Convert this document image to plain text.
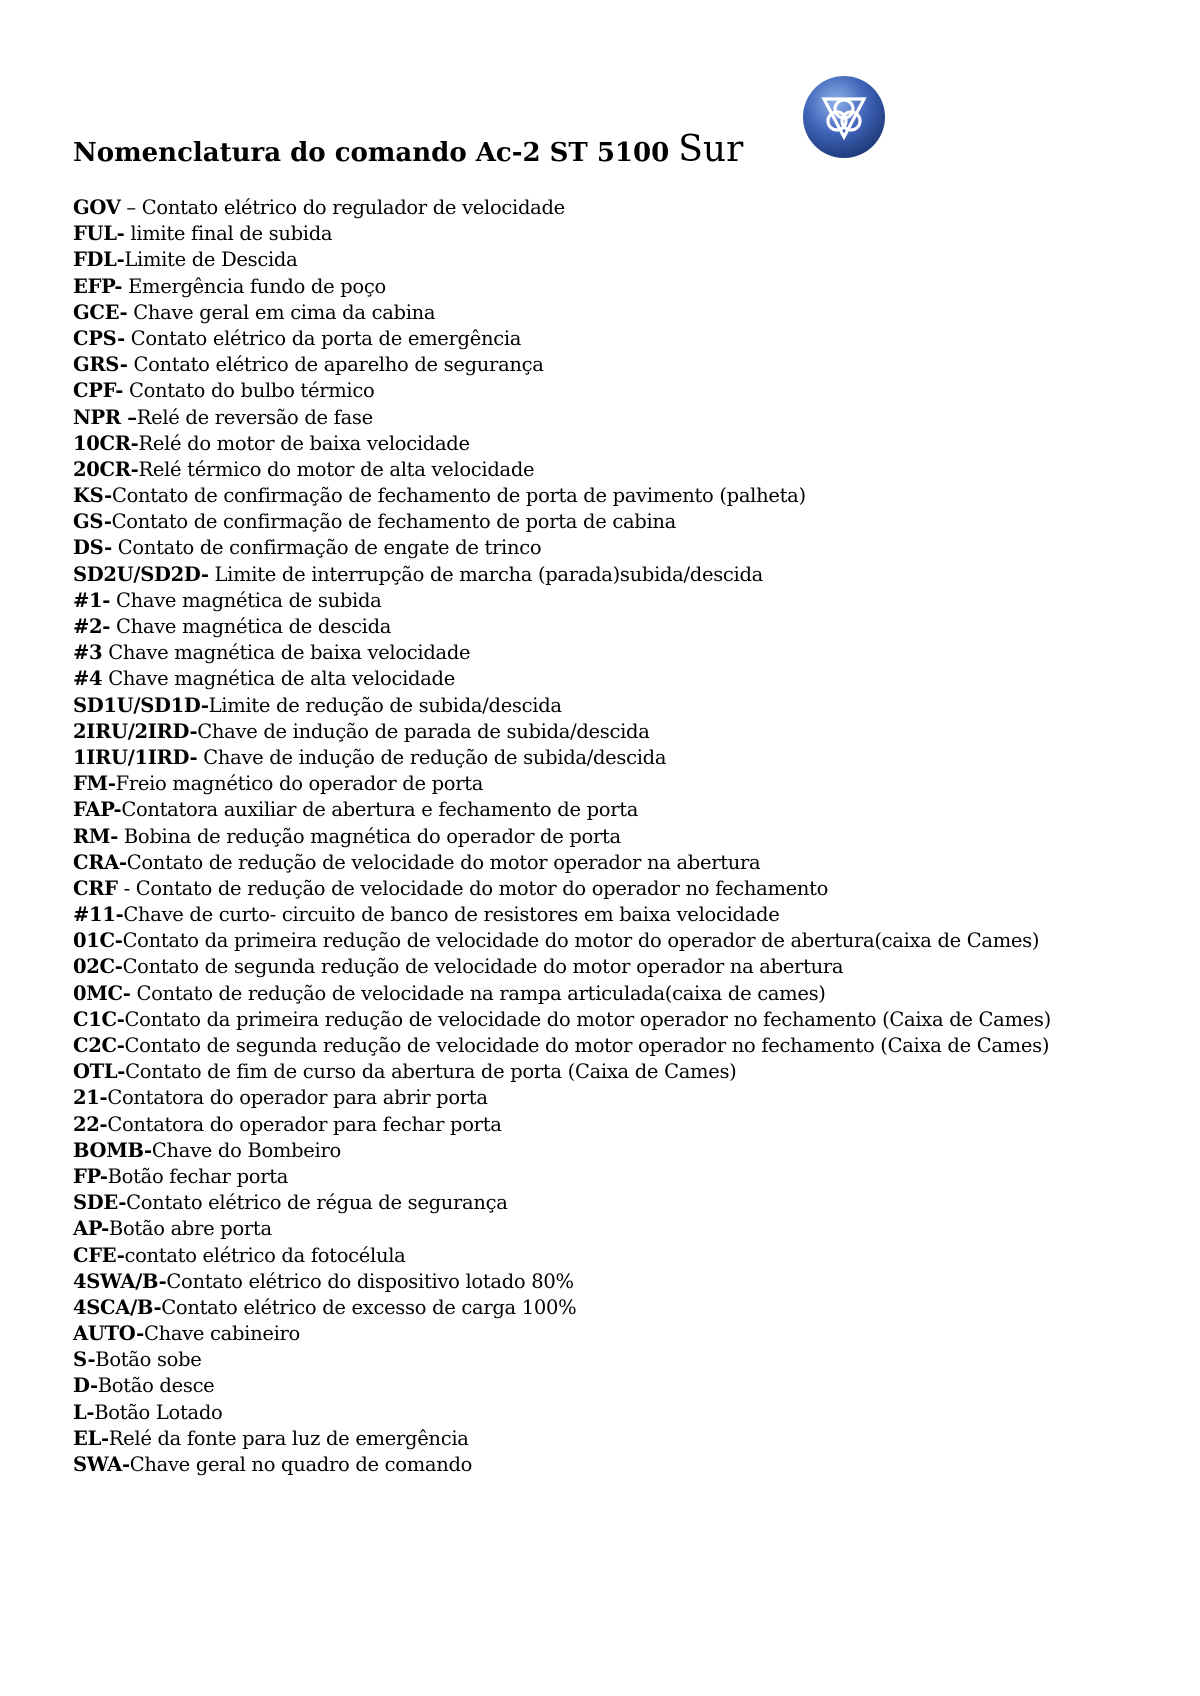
Nomenclatura do comando Ac-2 ST 5100 Sur
GOV – Contato elétrico do regulador de velocidade
FUL- limite final de subida
FDL-Limite de Descida
EFP- Emergência fundo de poço
GCE- Chave geral em cima da cabina
CPS- Contato elétrico da porta de emergência
GRS- Contato elétrico de aparelho de segurança
CPF- Contato do bulbo térmico
NPR –Relé de reversão de fase
10CR-Relé do motor de baixa velocidade
20CR-Relé térmico do motor de alta velocidade
KS-Contato de confirmação de fechamento de porta de pavimento (palheta)
GS-Contato de confirmação de fechamento de porta de cabina
DS- Contato de confirmação de engate de trinco
SD2U/SD2D- Limite de interrupção de marcha (parada)subida/descida
#1- Chave magnética de subida
#2- Chave magnética de descida
#3 Chave magnética de baixa velocidade
#4 Chave magnética de alta velocidade
SD1U/SD1D-Limite de redução de subida/descida
2IRU/2IRD-Chave de indução de parada de subida/descida
1IRU/1IRD- Chave de indução de redução de subida/descida
FM-Freio magnético do operador de porta
FAP-Contatora auxiliar de abertura e fechamento de porta
RM- Bobina de redução magnética do operador de porta
CRA-Contato de redução de velocidade do motor operador na abertura
CRF - Contato de redução de velocidade do motor do operador no fechamento
#11-Chave de curto- circuito de banco de resistores em baixa velocidade
01C-Contato da primeira redução de velocidade do motor do operador de abertura(caixa de Cames)
02C-Contato de segunda redução de velocidade do motor operador na abertura
0MC- Contato de redução de velocidade na rampa articulada(caixa de cames)
C1C-Contato da primeira redução de velocidade do motor operador no fechamento (Caixa de Cames)
C2C-Contato de segunda redução de velocidade do motor operador no fechamento (Caixa de Cames)
OTL-Contato de fim de curso da abertura de porta (Caixa de Cames)
21-Contatora do operador para abrir porta
22-Contatora do operador para fechar porta
BOMB-Chave do Bombeiro
FP-Botão fechar porta
SDE-Contato elétrico de régua de segurança
AP-Botão abre porta
CFE-contato elétrico da fotocélula
4SWA/B-Contato elétrico do dispositivo lotado 80%
4SCA/B-Contato elétrico de excesso de carga 100%
AUTO-Chave cabineiro
S-Botão sobe
D-Botão desce
L-Botão Lotado
EL-Relé da fonte para luz de emergência
SWA-Chave geral no quadro de comando
